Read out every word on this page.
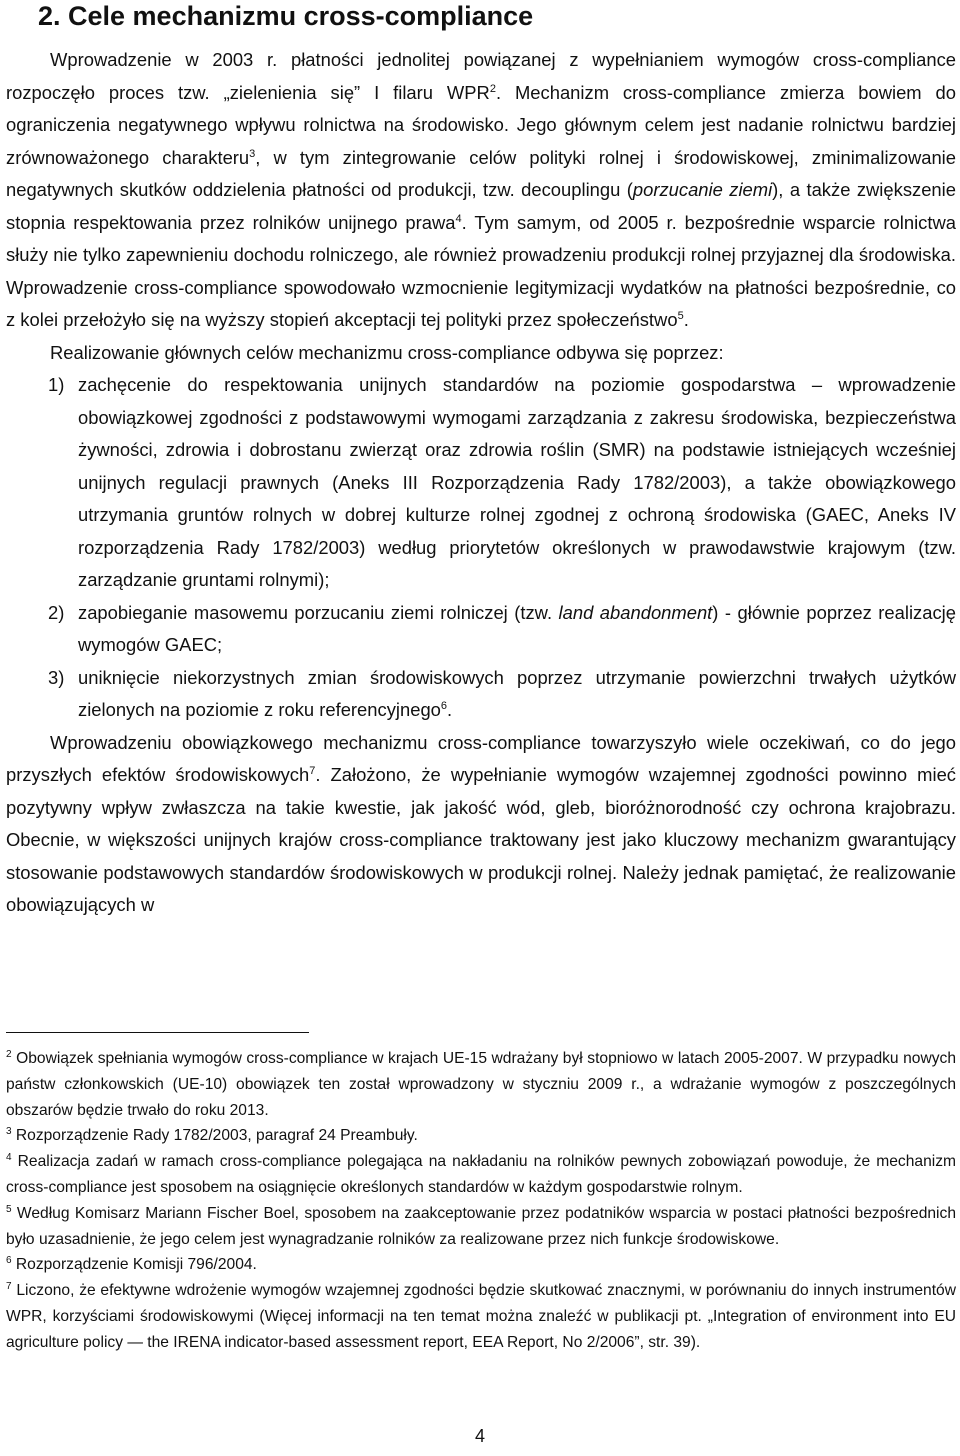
2. Cele mechanizmu cross-compliance

Wprowadzenie w 2003 r. płatności jednolitej powiązanej z wypełnianiem wymogów cross-compliance rozpoczęło proces tzw. „zielenienia się” I filaru WPR$^2$. Mechanizm cross-compliance zmierza bowiem do ograniczenia negatywnego wpływu rolnictwa na środowisko. Jego głównym celem jest nadanie rolnictwu bardziej zrównoważonego charakteru$^3$, w tym zintegrowanie celów polityki rolnej i środowiskowej, zminimalizowanie negatywnych skutków oddzielenia płatności od produkcji, tzw. decouplingu (porzucanie ziemi), a także zwiększenie stopnia respektowania przez rolników unijnego prawa$^4$. Tym samym, od 2005 r. bezpośrednie wsparcie rolnictwa służy nie tylko zapewnieniu dochodu rolniczego, ale również prowadzeniu produkcji rolnej przyjaznej dla środowiska. Wprowadzenie cross-compliance spowodowało wzmocnienie legitymizacji wydatków na płatności bezpośrednie, co z kolei przełożyło się na wyższy stopień akceptacji tej polityki przez społeczeństwo$^5$.

Realizowanie głównych celów mechanizmu cross-compliance odbywa się poprzez:

1) zachęcenie do respektowania unijnych standardów na poziomie gospodarstwa – wprowadzenie obowiązkowej zgodności z podstawowymi wymogami zarządzania z zakresu środowiska, bezpieczeństwa żywności, zdrowia i dobrostanu zwierząt oraz zdrowia roślin (SMR) na podstawie istniejących wcześniej unijnych regulacji prawnych (Aneks III Rozporządzenia Rady 1782/2003), a także obowiązkowego utrzymania gruntów rolnych w dobrej kulturze rolnej zgodnej z ochroną środowiska (GAEC, Aneks IV rozporządzenia Rady 1782/2003) według priorytetów określonych w prawodawstwie krajowym (tzw. zarządzanie gruntami rolnymi);
2) zapobieganie masowemu porzucaniu ziemi rolniczej (tzw. land abandonment) - głównie poprzez realizację wymogów GAEC;
3) uniknięcie niekorzystnych zmian środowiskowych poprzez utrzymanie powierzchni trwałych użytków zielonych na poziomie z roku referencyjnego$^6$.

Wprowadzeniu obowiązkowego mechanizmu cross-compliance towarzyszyło wiele oczekiwań, co do jego przyszłych efektów środowiskowych$^7$. Założono, że wypełnianie wymogów wzajemnej zgodności powinno mieć pozytywny wpływ zwłaszcza na takie kwestie, jak jakość wód, gleb, bioróżnorodność czy ochrona krajobrazu. Obecnie, w większości unijnych krajów cross-compliance traktowany jest jako kluczowy mechanizm gwarantujący stosowanie podstawowych standardów środowiskowych w produkcji rolnej. Należy jednak pamiętać, że realizowanie obowiązujących w

$^2$ Obowiązek spełniania wymogów cross-compliance w krajach UE-15 wdrażany był stopniowo w latach 2005-2007. W przypadku nowych państw członkowskich (UE-10) obowiązek ten został wprowadzony w styczniu 2009 r., a wdrażanie wymogów z poszczególnych obszarów będzie trwało do roku 2013.

$^3$ Rozporządzenie Rady 1782/2003, paragraf 24 Preambuły.

$^4$ Realizacja zadań w ramach cross-compliance polegająca na nakładaniu na rolników pewnych zobowiązań powoduje, że mechanizm cross-compliance jest sposobem na osiągnięcie określonych standardów w każdym gospodarstwie rolnym.

$^5$ Według Komisarz Mariann Fischer Boel, sposobem na zaakceptowanie przez podatników wsparcia w postaci płatności bezpośrednich było uzasadnienie, że jego celem jest wynagradzanie rolników za realizowane przez nich funkcje środowiskowe.

$^6$ Rozporządzenie Komisji 796/2004.

$^7$ Liczono, że efektywne wdrożenie wymogów wzajemnej zgodności będzie skutkować znacznymi, w porównaniu do innych instrumentów WPR, korzyściami środowiskowymi (Więcej informacji na ten temat można znaleźć w publikacji pt. „Integration of environment into EU agriculture policy — the IRENA indicator-based assessment report, EEA Report, No 2/2006”, str. 39).

4
